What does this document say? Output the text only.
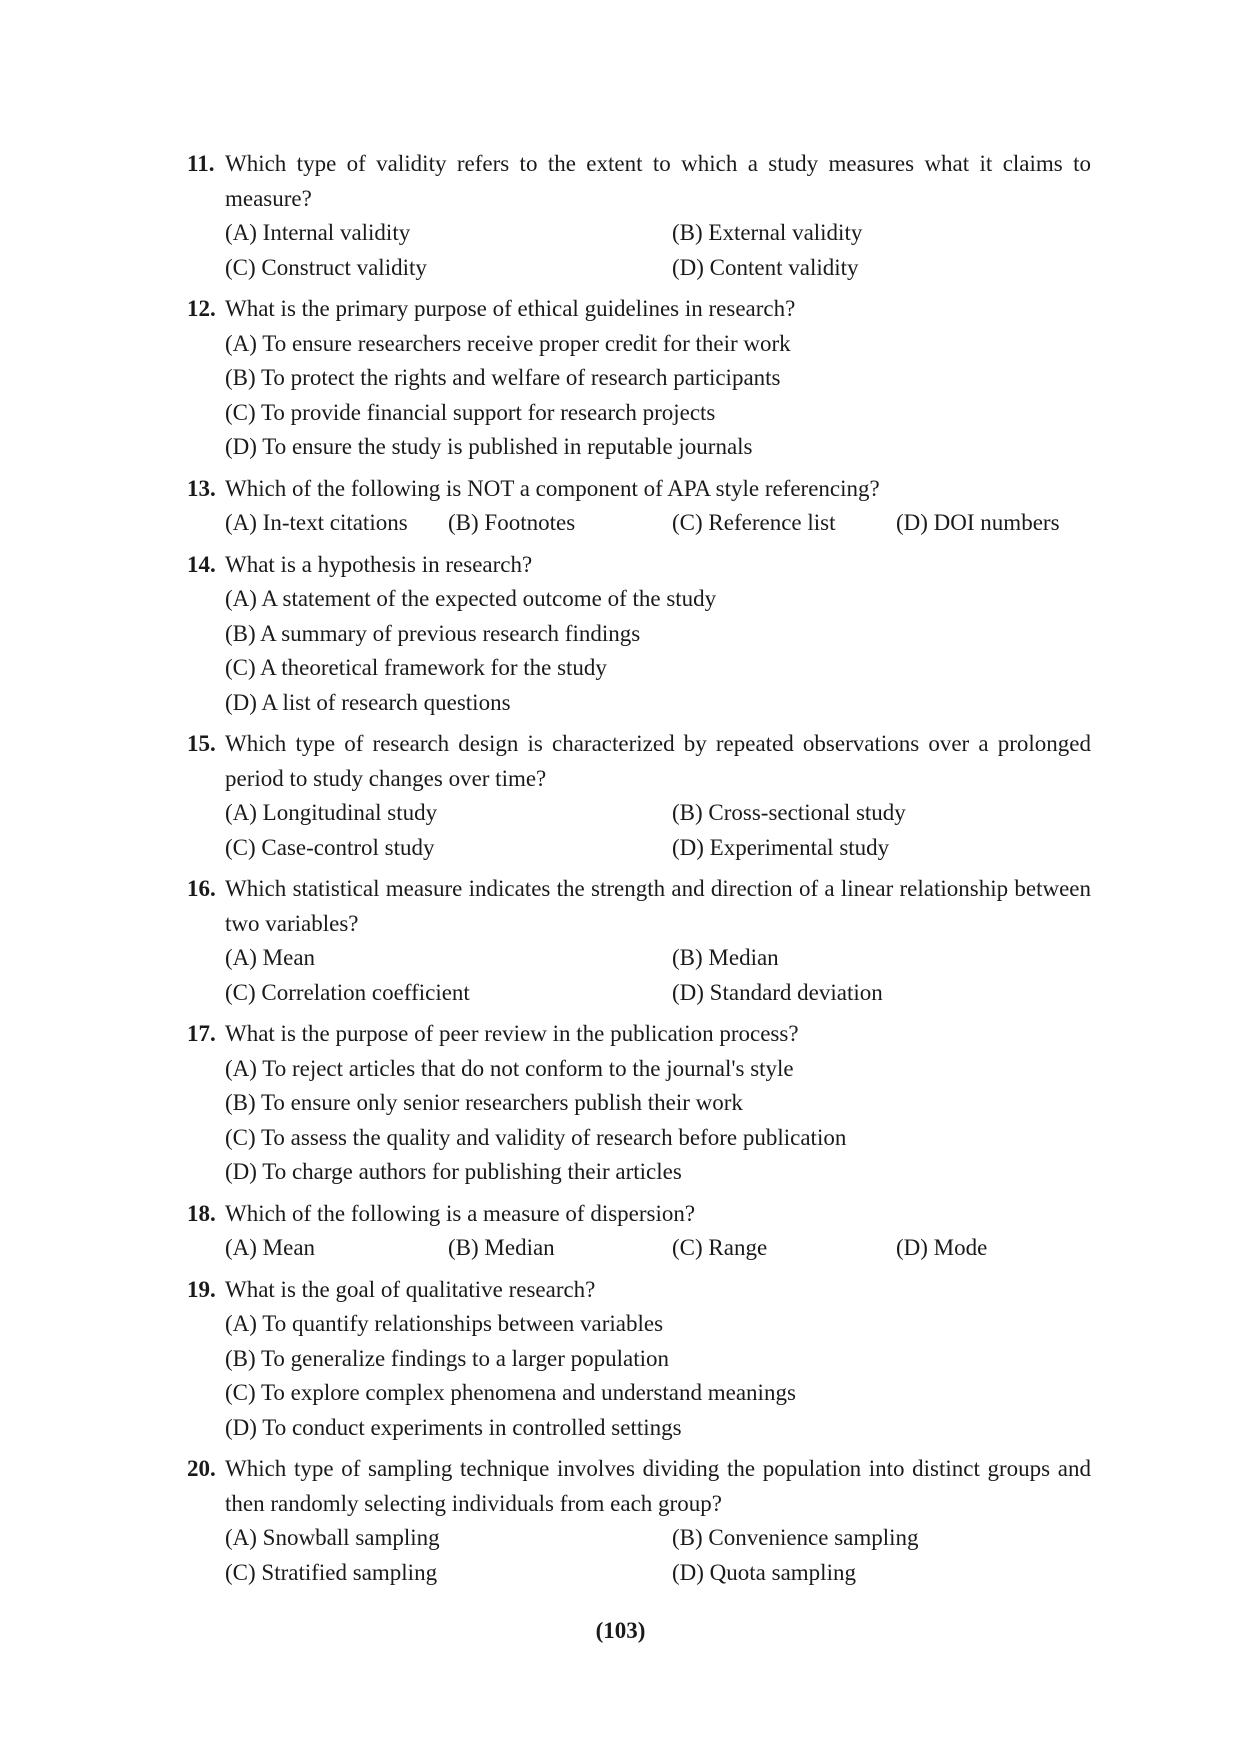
11. Which type of validity refers to the extent to which a study measures what it claims to measure?
(A) Internal validity	(B) External validity
(C) Construct validity	(D) Content validity
12. What is the primary purpose of ethical guidelines in research?
(A) To ensure researchers receive proper credit for their work
(B) To protect the rights and welfare of research participants
(C) To provide financial support for research projects
(D) To ensure the study is published in reputable journals
13. Which of the following is NOT a component of APA style referencing?
(A) In-text citations	(B) Footnotes	(C) Reference list	(D) DOI numbers
14. What is a hypothesis in research?
(A) A statement of the expected outcome of the study
(B) A summary of previous research findings
(C) A theoretical framework for the study
(D) A list of research questions
15. Which type of research design is characterized by repeated observations over a prolonged period to study changes over time?
(A) Longitudinal study	(B) Cross-sectional study
(C) Case-control study	(D) Experimental study
16. Which statistical measure indicates the strength and direction of a linear relationship between two variables?
(A) Mean	(B) Median
(C) Correlation coefficient	(D) Standard deviation
17. What is the purpose of peer review in the publication process?
(A) To reject articles that do not conform to the journal's style
(B) To ensure only senior researchers publish their work
(C) To assess the quality and validity of research before publication
(D) To charge authors for publishing their articles
18. Which of the following is a measure of dispersion?
(A) Mean	(B) Median	(C) Range	(D) Mode
19. What is the goal of qualitative research?
(A) To quantify relationships between variables
(B) To generalize findings to a larger population
(C) To explore complex phenomena and understand meanings
(D) To conduct experiments in controlled settings
20. Which type of sampling technique involves dividing the population into distinct groups and then randomly selecting individuals from each group?
(A) Snowball sampling	(B) Convenience sampling
(C) Stratified sampling	(D) Quota sampling
(103)
